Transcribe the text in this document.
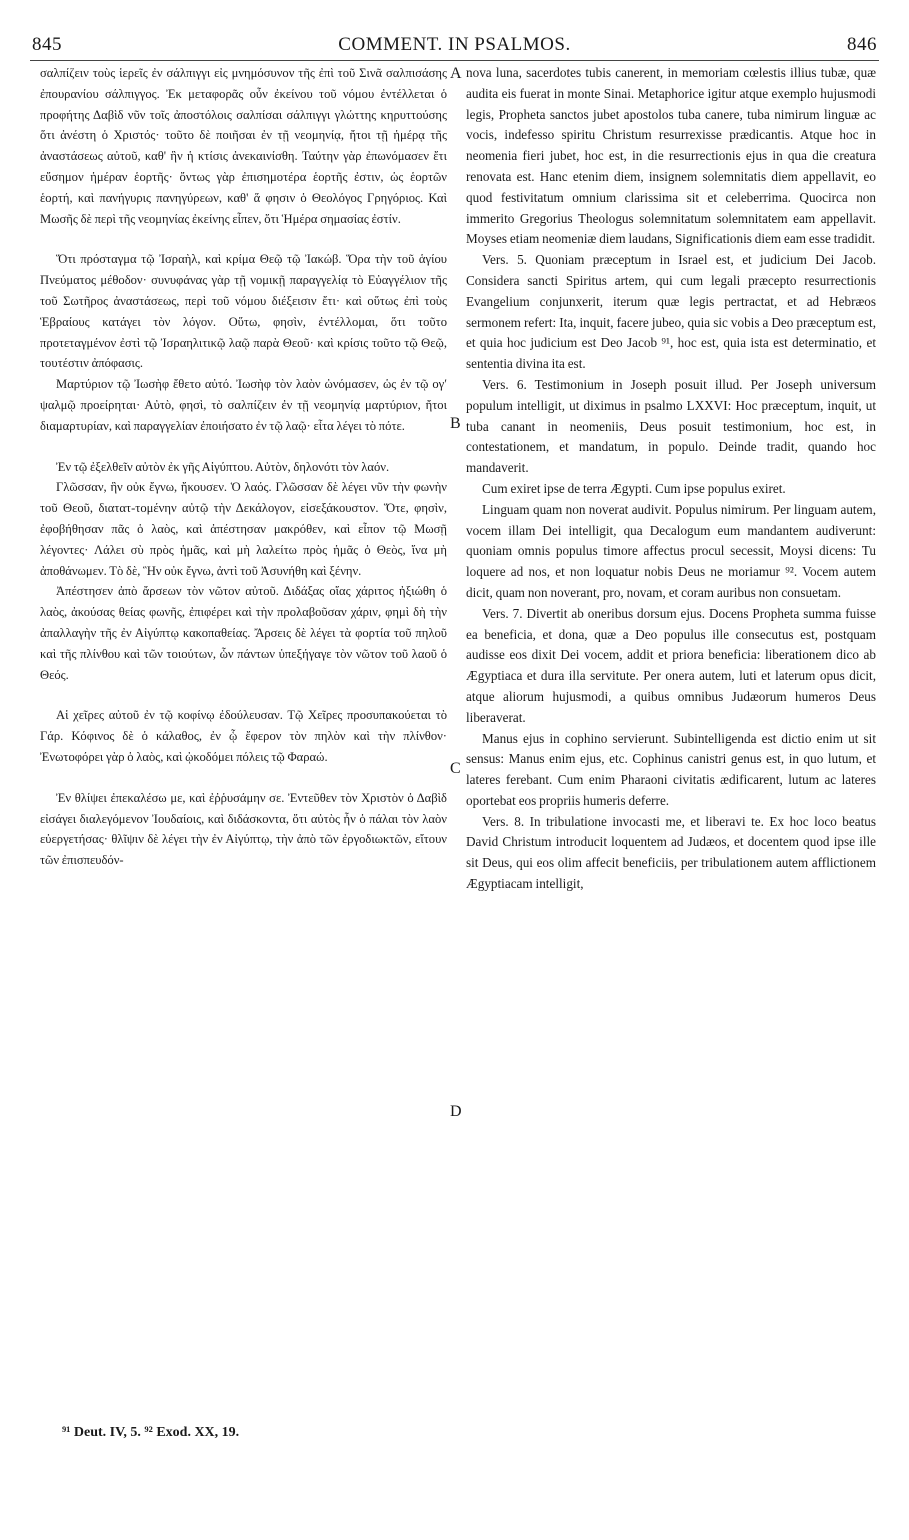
845	COMMENT. IN PSALMOS.	846

σαλπίζειν τοὺς ἱερεῖς ἐν σάλπιγγι εἰς μνημόσυνον τῆς ἐπὶ τοῦ Σινᾶ σαλπισάσης ἐπουρανίου σάλπιγγος. Ἐκ μεταφορᾶς οὖν ἐκείνου τοῦ νόμου ἐντέλλεται ὁ προφήτης Δαβὶδ νῦν τοῖς ἀποστόλοις σαλπίσαι σάλπιγγι γλώττης κηρυττούσης ὅτι ἀνέστη ὁ Χριστός· τοῦτο δὲ ποιῆσαι ἐν τῇ νεομηνίᾳ, ἤτοι τῇ ἡμέρᾳ τῆς ἀναστάσεως αὐτοῦ, καθ' ἣν ἡ κτίσις ἀνεκαινίσθη. Ταύτην γὰρ ἐπωνόμασεν ἔτι εὔσημον ἡμέραν ἑορτῆς· ὄντως γὰρ ἐπισημοτέρα ἑορτῆς ἐστιν, ὡς ἑορτῶν ἑορτή, καὶ πανήγυρις πανηγύρεων, καθ' ἅ φησιν ὁ Θεολόγος Γρηγόριος. Καὶ Μωσῆς δὲ περὶ τῆς νεομηνίας ἐκείνης εἶπεν, ὅτι Ἡμέρα σημασίας ἐστίν.

Ὅτι πρόσταγμα τῷ Ἰσραὴλ, καὶ κρίμα Θεῷ τῷ Ἰακώβ. Ὅρα τὴν τοῦ ἁγίου Πνεύματος μέθοδον· συνυφάνας γὰρ τῇ νομικῇ παραγγελίᾳ τὸ Εὐαγγέλιον τῆς τοῦ Σωτῆρος ἀναστάσεως, περὶ τοῦ νόμου διέξεισιν ἔτι· καὶ οὕτως ἐπὶ τοὺς Ἑβραίους κατάγει τὸν λόγον. Οὕτω, φησὶν, ἐντέλλομαι, ὅτι τοῦτο προτεταγμένον ἐστὶ τῷ Ἰσραηλιτικῷ λαῷ παρὰ Θεοῦ· καὶ κρίσις τοῦτο τῷ Θεῷ, τουτέστιν ἀπόφασις.

Μαρτύριον τῷ Ἰωσὴφ ἔθετο αὐτό. Ἰωσὴφ τὸν λαὸν ὠνόμασεν, ὡς ἐν τῷ ογʹ ψαλμῷ προείρηται· Αὐτὸ, φησὶ, τὸ σαλπίζειν ἐν τῇ νεομηνίᾳ μαρτύριον, ἤτοι διαμαρτυρίαν, καὶ παραγγελίαν ἐποιήσατο ἐν τῷ λαῷ· εἶτα λέγει τὸ πότε.

Ἐν τῷ ἐξελθεῖν αὐτὸν ἐκ γῆς Αἰγύπτου. Αὐτὸν, δηλονότι τὸν λαόν.

Γλῶσσαν, ἣν οὐκ ἔγνω, ἤκουσεν. Ὁ λαός. Γλῶσσαν δὲ λέγει νῦν τὴν φωνὴν τοῦ Θεοῦ, διατατ-τομένην αὐτῷ τὴν Δεκάλογον, εἰσεξάκουστον. Ὅτε, φησὶν, ἐφοβήθησαν πᾶς ὁ λαὸς, καὶ ἀπέστησαν μακρόθεν, καὶ εἶπον τῷ Μωσῇ λέγοντες· Λάλει σὺ πρὸς ἡμᾶς, καὶ μὴ λαλείτω πρὸς ἡμᾶς ὁ Θεὸς, ἵνα μὴ ἀποθάνωμεν. Τὸ δὲ, Ἣν οὐκ ἔγνω, ἀντὶ τοῦ Ἀσυνήθη καὶ ξένην.

Ἀπέστησεν ἀπὸ ἄρσεων τὸν νῶτον αὐτοῦ. Διδάξας οἵας χάριτος ἠξιώθη ὁ λαὸς, ἀκούσας θείας φωνῆς, ἐπιφέρει καὶ τὴν προλαβοῦσαν χάριν, φημὶ δὴ τὴν ἀπαλλαγὴν τῆς ἐν Αἰγύπτῳ κακοπαθείας. Ἄρσεις δὲ λέγει τὰ φορτία τοῦ πηλοῦ καὶ τῆς πλίνθου καὶ τῶν τοιούτων, ὧν πάντων ὑπεξήγαγε τὸν νῶτον τοῦ λαοῦ ὁ Θεός.

Αἱ χεῖρες αὐτοῦ ἐν τῷ κοφίνῳ ἐδούλευσαν. Τῷ Χεῖρες προσυπακούεται τὸ Γάρ. Κόφινος δὲ ὁ κάλαθος, ἐν ᾧ ἔφερον τὸν πηλὸν καὶ τὴν πλίνθον· Ἐνωτοφόρει γὰρ ὁ λαὸς, καὶ ᾠκοδόμει πόλεις τῷ Φαραώ.

Ἐν θλίψει ἐπεκαλέσω με, καὶ ἐῤῥυσάμην σε. Ἐντεῦθεν τὸν Χριστὸν ὁ Δαβὶδ εἰσάγει διαλεγόμενον Ἰουδαίοις, καὶ διδάσκοντα, ὅτι αὐτὸς ἦν ὁ πάλαι τὸν λαὸν εὐεργετήσας· θλῖψιν δὲ λέγει τὴν ἐν Αἰγύπτῳ, τὴν ἀπὸ τῶν ἐργοδιωκτῶν, εἴτουν τῶν ἐπισπευδόν-

nova luna, sacerdotes tubis canerent, in memoriam cœlestis illius tubæ, quæ audita eis fuerat in monte Sinai. Metaphorice igitur atque exemplo hujusmodi legis, Propheta sanctos jubet apostolos tuba canere, tuba nimirum linguæ ac vocis, indefesso spiritu Christum resurrexisse prædicantis. Atque hoc in neomenia fieri jubet, hoc est, in die resurrectionis ejus in qua die creatura renovata est. Hanc etenim diem, insignem solemnitatis diem appellavit, eo quod festivitatum omnium clarissima sit et celeberrima. Quocirca non immerito Gregorius Theologus solemnitatum solemnitatem eam appellavit. Moyses etiam neomeniæ diem laudans, Significationis diem eam esse tradidit.

Vers. 5. Quoniam præceptum in Israel est, et judicium Dei Jacob. Considera sancti Spiritus artem, qui cum legali præcepto resurrectionis Evangelium conjunxerit, iterum quæ legis pertractat, et ad Hebræos sermonem refert: Ita, inquit, facere jubeo, quia sic vobis a Deo præceptum est, et quia hoc judicium est Deo Jacob ⁹¹, hoc est, quia ista est determinatio, et sententia divina ita est.

Vers. 6. Testimonium in Joseph posuit illud. Per Joseph universum populum intelligit, ut diximus in psalmo LXXVI: Hoc præceptum, inquit, ut tuba canant in neomeniis, Deus posuit testimonium, hoc est, in contestationem, et mandatum, in populo. Deinde tradit, quando hoc mandaverit.

Cum exiret ipse de terra Ægypti. Cum ipse populus exiret.

Linguam quam non noverat audivit. Populus nimirum. Per linguam autem, vocem illam Dei intelligit, qua Decalogum eum mandantem audiverunt: quoniam omnis populus timore affectus procul secessit, Moysi dicens: Tu loquere ad nos, et non loquatur nobis Deus ne moriamur ⁹². Vocem autem dicit, quam non noverant, pro, novam, et coram auribus non consuetam.

Vers. 7. Divertit ab oneribus dorsum ejus. Docens Propheta summa fuisse ea beneficia, et dona, quæ a Deo populus ille consecutus est, postquam audisse eos dixit Dei vocem, addit et priora beneficia: liberationem dico ab Ægyptiaca et dura illa servitute. Per onera autem, luti et laterum opus dicit, atque aliorum hujusmodi, a quibus omnibus Judæorum humeros Deus liberaverat.

Manus ejus in cophino servierunt. Subintelligenda est dictio enim ut sit sensus: Manus enim ejus, etc. Cophinus canistri genus est, in quo lutum, et lateres ferebant. Cum enim Pharaoni civitatis ædificarent, lutum ac lateres oportebat eos propriis humeris deferre.

Vers. 8. In tribulatione invocasti me, et liberavi te. Ex hoc loco beatus David Christum introducit loquentem ad Judæos, et docentem quod ipse ille sit Deus, qui eos olim affecit beneficiis, per tribulationem autem afflictionem Ægyptiacam intelligit,

A
B
C
D
⁹¹ Deut. IV, 5. ⁹² Exod. XX, 19.
